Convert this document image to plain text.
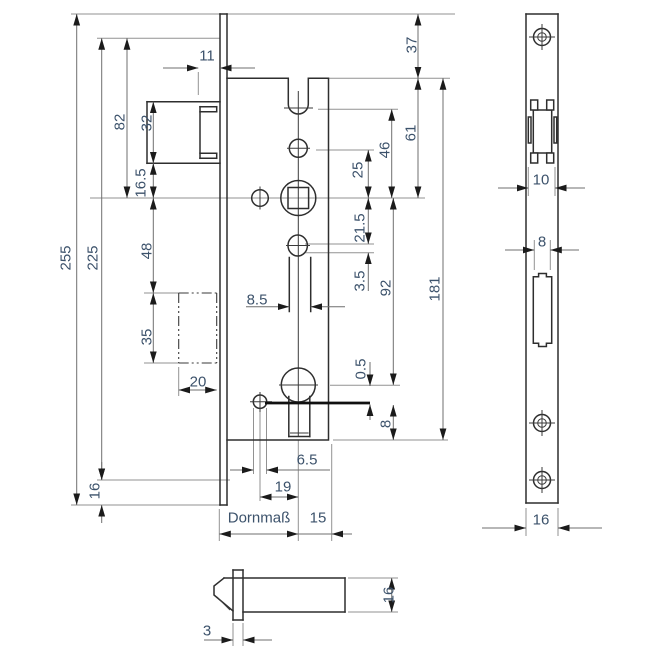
255 225
16
82 32
16.5
48
35
20
11
37
61
46
25
21.5
3.5 92 181
8.5
0.5
8
6.5
19
Dornmaß 15
3
16
10
8
16
